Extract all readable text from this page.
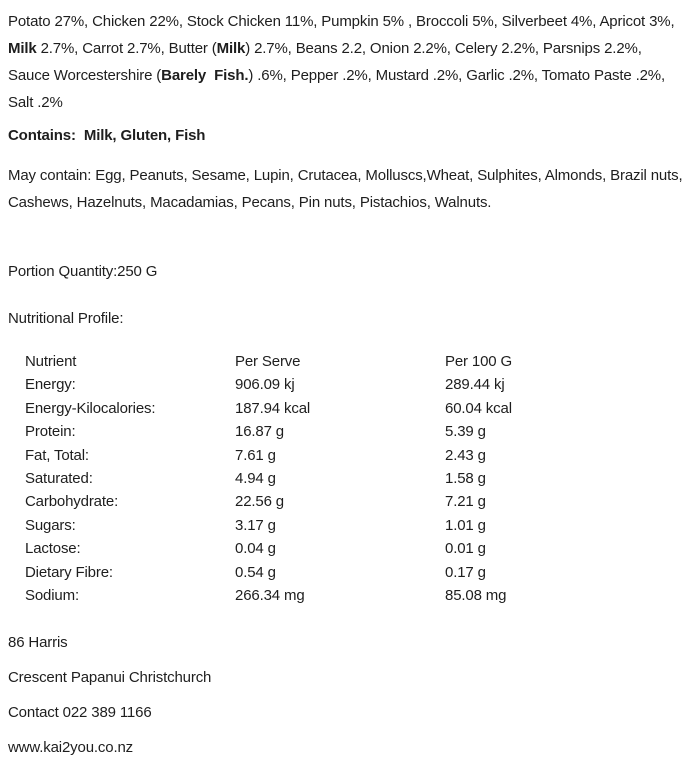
Potato 27%, Chicken 22%, Stock Chicken 11%, Pumpkin 5% , Broccoli 5%, Silverbeet 4%, Apricot 3%, Milk 2.7%, Carrot 2.7%, Butter (Milk) 2.7%, Beans 2.2, Onion 2.2%, Celery 2.2%, Parsnips 2.2%, Sauce Worcestershire (Barely  Fish.) .6%, Pepper .2%, Mustard .2%, Garlic .2%, Tomato Paste .2%, Salt .2%

Contains:  Milk, Gluten, Fish

May contain: Egg, Peanuts, Sesame, Lupin, Crutacea, Molluscs,Wheat, Sulphites, Almonds, Brazil nuts, Cashews, Hazelnuts, Macadamias, Pecans, Pin nuts, Pistachios, Walnuts.

Portion Quantity:250 G

Nutritional Profile:

Nutrient	Per Serve	Per 100 G
Energy:	906.09 kj	289.44 kj
Energy-Kilocalories:	187.94 kcal	60.04 kcal
Protein:	16.87 g	5.39 g
Fat, Total:	7.61 g	2.43 g
Saturated:	4.94 g	1.58 g
Carbohydrate:	22.56 g	7.21 g
Sugars:	3.17 g	1.01 g
Lactose:	0.04 g	0.01 g
Dietary Fibre:	0.54 g	0.17 g
Sodium:	266.34 mg	85.08 mg

86 Harris

Crescent Papanui Christchurch

Contact 022 389 1166

www.kai2you.co.nz
